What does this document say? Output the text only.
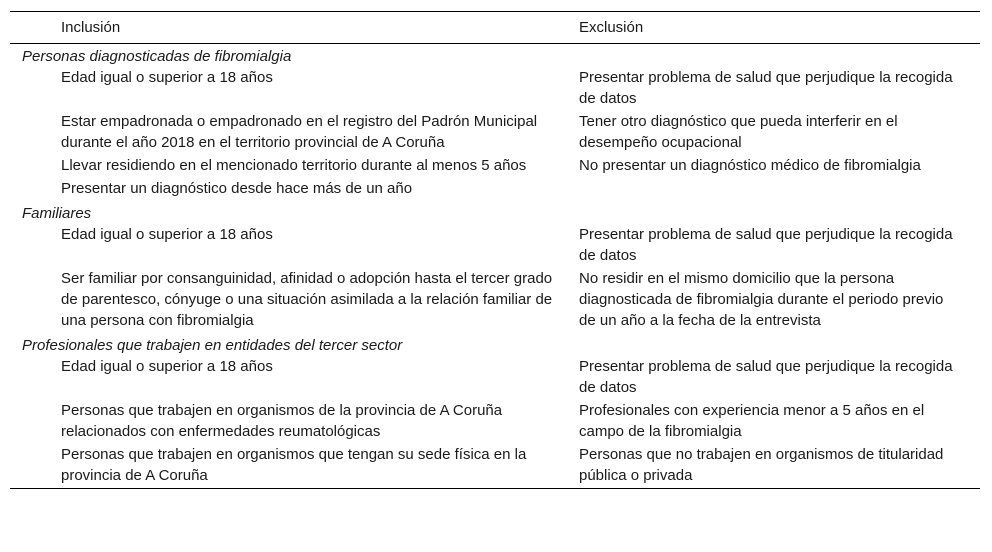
Inclusión	Exclusión
Personas diagnosticadas de fibromialgia	
Edad igual o superior a 18 años	Presentar problema de salud que perjudique la recogida de datos
Estar empadronada o empadronado en el registro del Padrón Municipal durante el año 2018 en el territorio provincial de A Coruña	Tener otro diagnóstico que pueda interferir en el desempeño ocupacional
Llevar residiendo en el mencionado territorio durante al menos 5 años	No presentar un diagnóstico médico de fibromialgia
Presentar un diagnóstico desde hace más de un año	
Familiares	
Edad igual o superior a 18 años	Presentar problema de salud que perjudique la recogida de datos
Ser familiar por consanguinidad, afinidad o adopción hasta el tercer grado de parentesco, cónyuge o una situación asimilada a la relación familiar de una persona con fibromialgia	No residir en el mismo domicilio que la persona diagnosticada de fibromialgia durante el periodo previo de un año a la fecha de la entrevista
Profesionales que trabajen en entidades del tercer sector	
Edad igual o superior a 18 años	Presentar problema de salud que perjudique la recogida de datos
Personas que trabajen en organismos de la provincia de A Coruña relacionados con enfermedades reumatológicas	Profesionales con experiencia menor a 5 años en el campo de la fibromialgia
Personas que trabajen en organismos que tengan su sede física en la provincia de A Coruña	Personas que no trabajen en organismos de titularidad pública o privada
